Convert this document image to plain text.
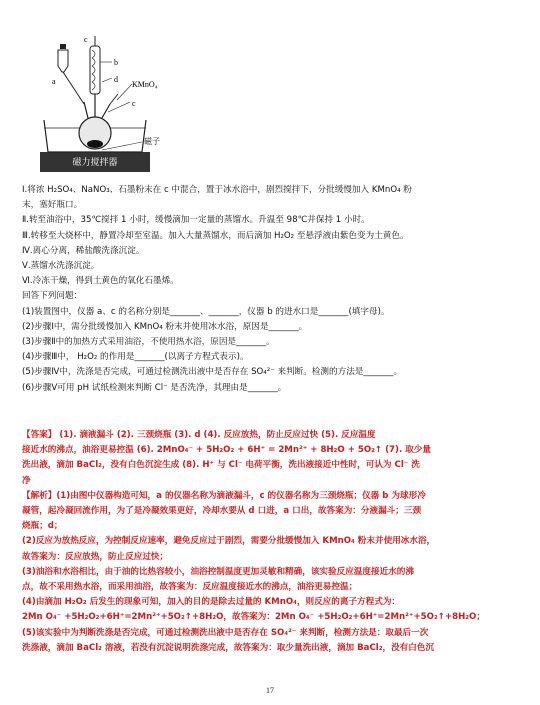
磁力搅拌器
a
b
c
c
d
KMnO₄
磁子

Ⅰ.将浓 H₂SO₄、NaNO₃、石墨粉末在 c 中混合，置于冰水浴中，剧烈搅拌下，分批缓慢加入 KMnO₄ 粉

末，塞好瓶口。

Ⅱ.转至油浴中，35℃搅拌 1 小时，缓慢滴加一定量的蒸馏水。升温至 98℃并保持 1 小时。

Ⅲ.转移至大烧杯中，静置冷却至室温。加入大量蒸馏水，而后滴加 H₂O₂ 至悬浮液由紫色变为土黄色。

Ⅳ.离心分离，稀盐酸洗涤沉淀。

Ⅴ.蒸馏水洗涤沉淀。

Ⅵ.冷冻干燥，得到土黄色的氧化石墨烯。

回答下列问题：

(1)装置图中，仪器 a、c 的名称分别是_______、_______，仪器 b 的进水口是_______(填字母)。

(2)步骤Ⅰ中，需分批缓慢加入 KMnO₄ 粉末并使用冰水浴，原因是_______。

(3)步骤Ⅱ中的加热方式采用油浴，不使用热水浴，原因是_______。

(4)步骤Ⅲ中， H₂O₂ 的作用是_______(以离子方程式表示)。

(5)步骤Ⅳ中，洗涤是否完成，可通过检测洗出液中是否存在 SO₄²⁻ 来判断。检测的方法是_______。

(6)步骤Ⅴ可用 pH 试纸检测来判断 Cl⁻ 是否洗净，其理由是_______。

【答案】 (1). 滴液漏斗 (2). 三颈烧瓶 (3). d (4). 反应放热，防止反应过快 (5). 反应温度

接近水的沸点，油浴更易控温 (6). 2MnO₄⁻ + 5H₂O₂ + 6H⁺ = 2Mn²⁺ + 8H₂O + 5O₂↑ (7). 取少量

洗出液，滴加 BaCl₂，没有白色沉淀生成 (8). H⁺ 与 Cl⁻ 电荷平衡，洗出液接近中性时，可认为 Cl⁻ 洗

净

【解析】(1)由图中仪器构造可知，a 的仪器名称为滴液漏斗，c 的仪器名称为三颈烧瓶；仪器 b 为球形冷

凝管，起冷凝回流作用，为了是冷凝效果更好，冷却水要从 d 口进，a 口出，故答案为：分液漏斗；三颈

烧瓶；d；

(2)反应为放热反应，为控制反应速率，避免反应过于剧烈，需要分批缓慢加入 KMnO₄ 粉末并使用冰水浴，

故答案为：反应放热，防止反应过快；

(3)油浴和水浴相比，由于油的比热容较小，油浴控制温度更加灵敏和精确，该实验反应温度接近水的沸

点，故不采用热水浴，而采用油浴，故答案为：反应温度接近水的沸点，油浴更易控温；

(4)由滴加 H₂O₂ 后发生的现象可知，加入的目的是除去过量的 KMnO₄，则反应的离子方程式为：

2Mn O₄⁻ +5H₂O₂+6H⁺=2Mn²⁺+5O₂↑+8H₂O，故答案为：2Mn O₄⁻ +5H₂O₂+6H⁺=2Mn²⁺+5O₂↑+8H₂O；

(5)该实验中为判断洗涤是否完成，可通过检测洗出液中是否存在 SO₄²⁻ 来判断，检测方法是：取最后一次

洗涤液，滴加 BaCl₂ 溶液，若没有沉淀说明洗涤完成，故答案为：取少量洗出液，滴加 BaCl₂，没有白色沉

17
